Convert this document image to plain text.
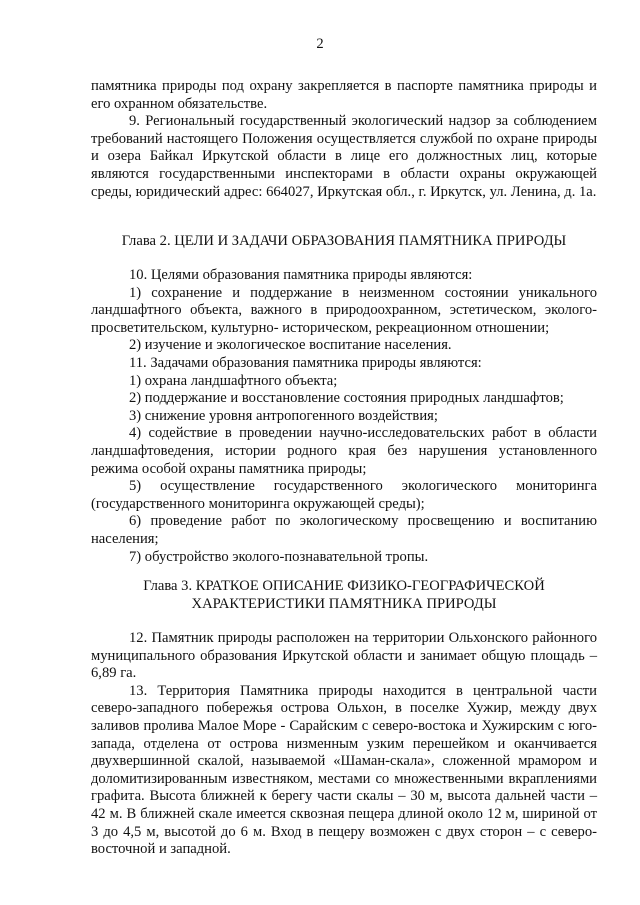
2

памятника природы под охрану закрепляется в паспорте памятника природы и его охранном обязательстве.

9. Региональный государственный экологический надзор за соблюдением требований настоящего Положения осуществляется службой по охране природы и озера Байкал Иркутской области в лице его должностных лиц, которые являются государственными инспекторами в области охраны окружающей среды, юридический адрес: 664027, Иркутская обл., г. Иркутск, ул. Ленина, д. 1а.

Глава 2. ЦЕЛИ И ЗАДАЧИ ОБРАЗОВАНИЯ ПАМЯТНИКА ПРИРОДЫ

10. Целями образования памятника природы являются:

1) сохранение и поддержание в неизменном состоянии уникального ландшафтного объекта, важного в природоохранном, эстетическом, эколого-просветительском, культурно- историческом, рекреационном отношении;

2) изучение и экологическое воспитание населения.

11. Задачами образования памятника природы являются:

1) охрана ландшафтного объекта;

2) поддержание и восстановление состояния природных ландшафтов;

3) снижение уровня антропогенного воздействия;

4) содействие в проведении научно-исследовательских работ в области ландшафтоведения, истории родного края без нарушения установленного режима особой охраны памятника природы;

5) осуществление государственного экологического мониторинга (государственного мониторинга окружающей среды);

6) проведение работ по экологическому просвещению и воспитанию населения;

7) обустройство эколого-познавательной тропы.

Глава 3. КРАТКОЕ ОПИСАНИЕ ФИЗИКО-ГЕОГРАФИЧЕСКОЙ

ХАРАКТЕРИСТИКИ ПАМЯТНИКА ПРИРОДЫ

12. Памятник природы расположен на территории Ольхонского районного муниципального образования Иркутской области и занимает общую площадь – 6,89 га.

13. Территория Памятника природы находится в центральной части северо-западного побережья острова Ольхон, в поселке Хужир, между двух заливов пролива Малое Море - Сарайским с северо-востока и Хужирским с юго-запада, отделена от острова низменным узким перешейком и оканчивается двухвершинной скалой, называемой «Шаман-скала», сложенной мрамором и доломитизированным известняком, местами со множественными вкраплениями графита. Высота ближней к берегу части скалы – 30 м, высота дальней части – 42 м. В ближней скале имеется сквозная пещера длиной около 12 м, шириной от 3 до 4,5 м, высотой до 6 м. Вход в пещеру возможен с двух сторон – с северо-восточной и западной.
